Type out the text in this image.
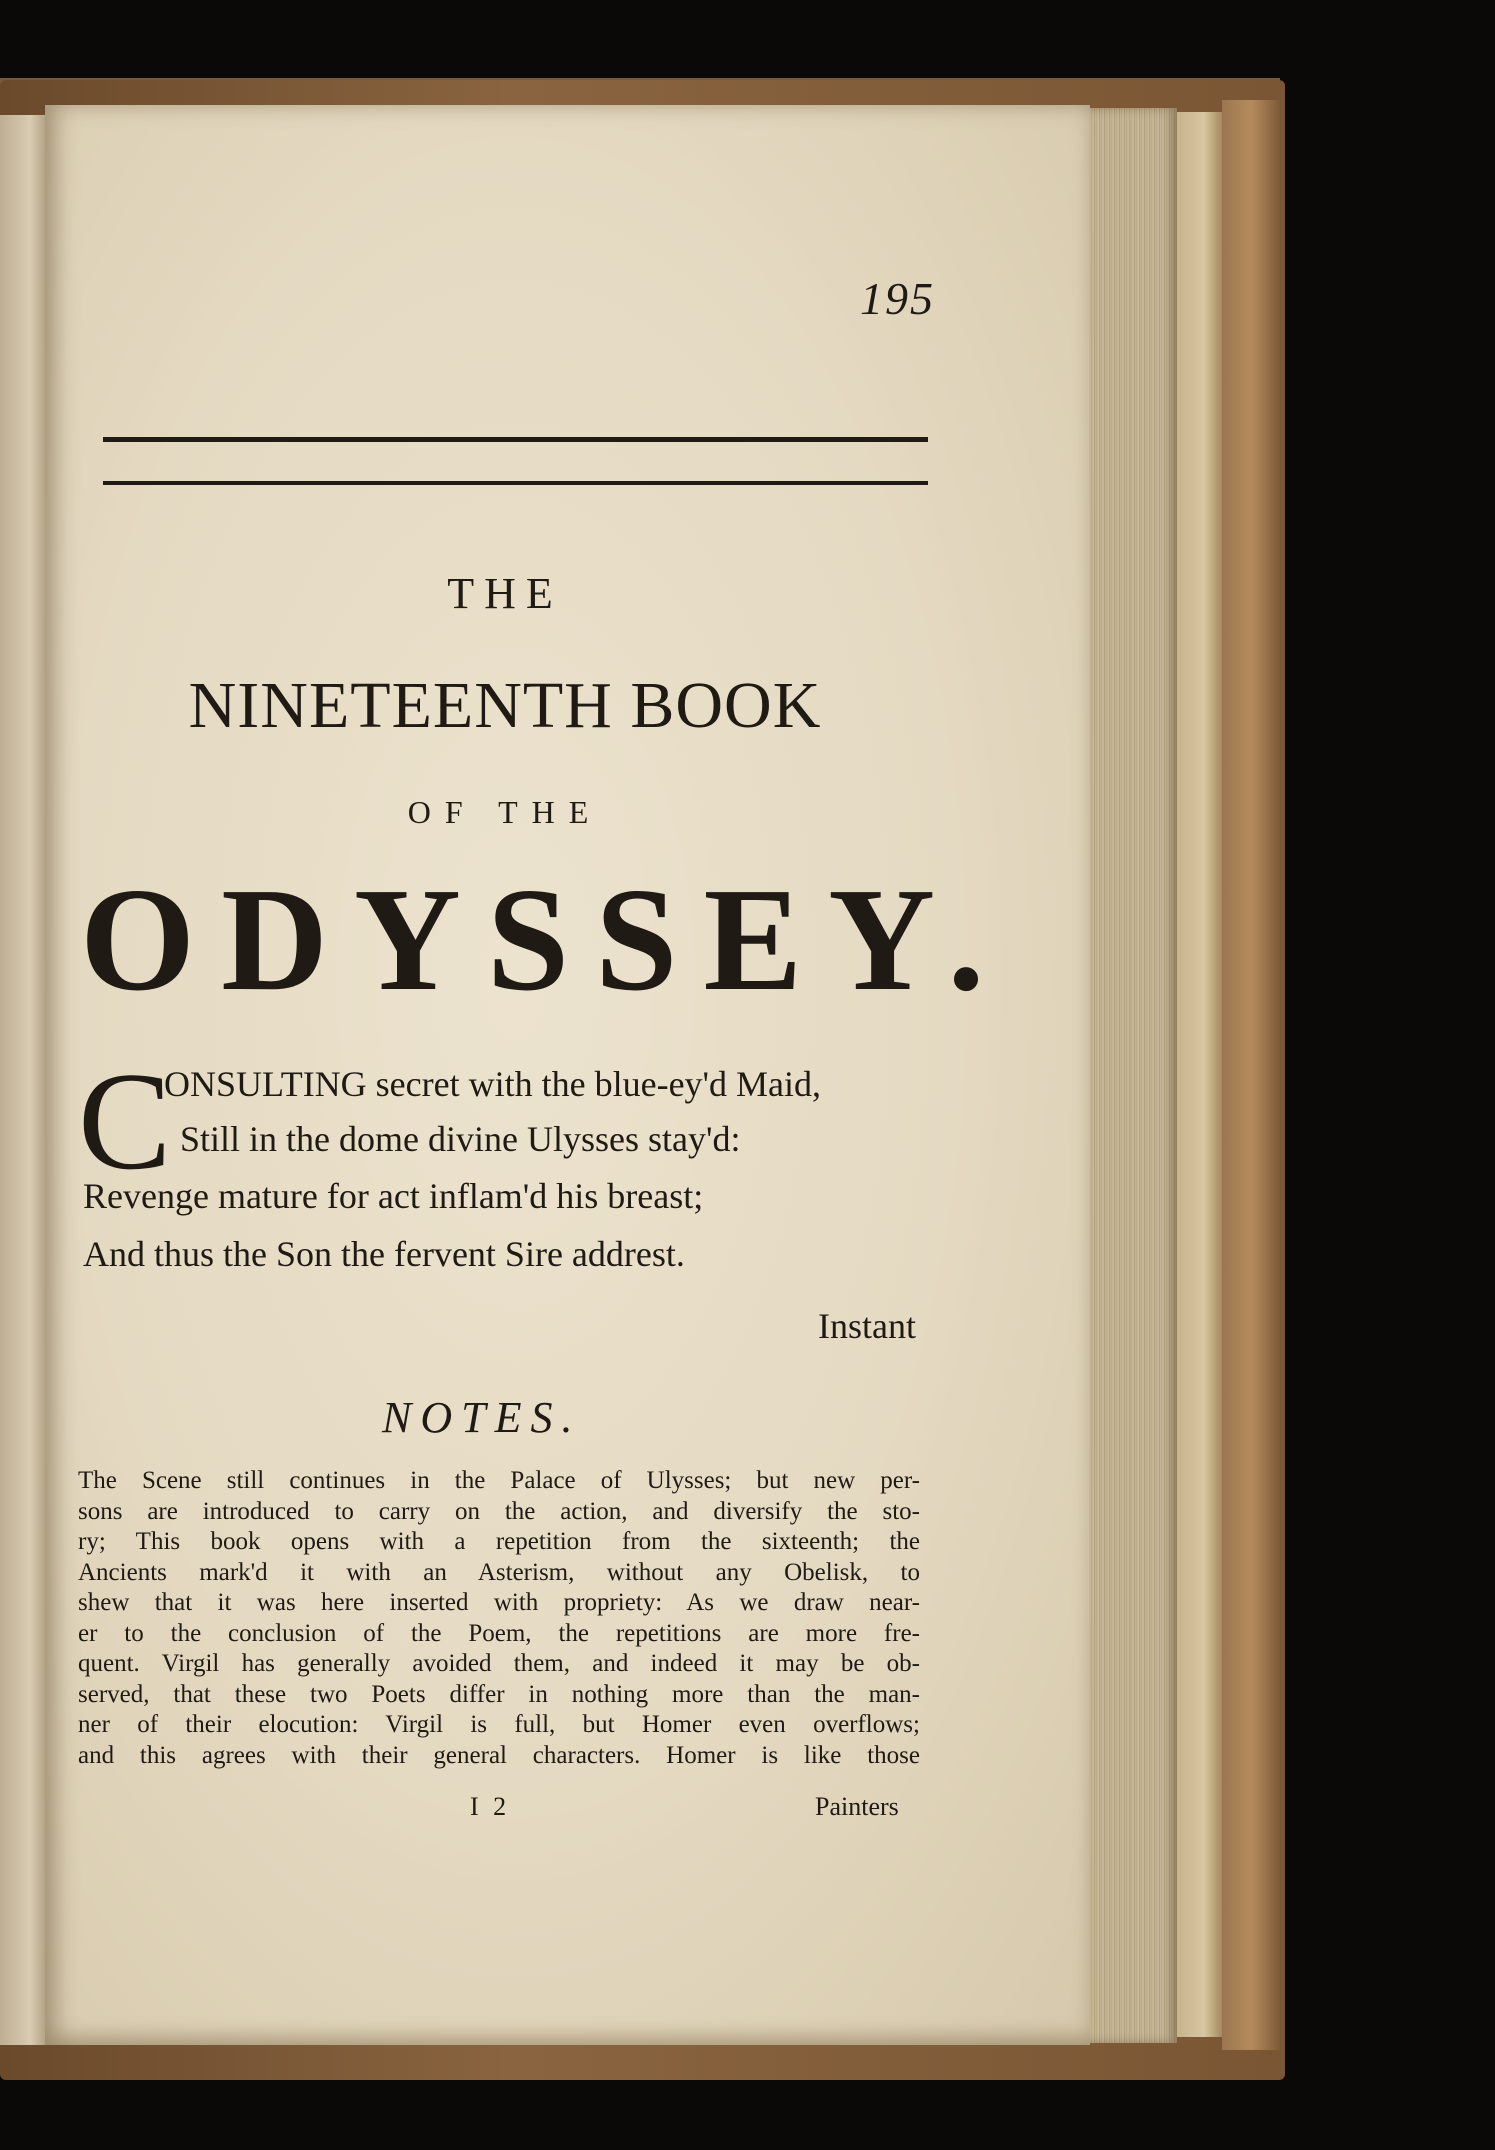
195
THE
NINETEENTH BOOK
OF THE
ODYSSEY.
C
ONSULTING secret with the blue-ey'd Maid,
Still in the dome divine Ulysses stay'd:
Revenge mature for act inflam'd his breast;
And thus the Son the fervent Sire addrest.
Instant
NOTES.
The Scene still continues in the Palace of Ulysses; but new per-
sons are introduced to carry on the action, and diversify the sto-
ry; This book opens with a repetition from the sixteenth; the
Ancients mark'd it with an Asterism, without any Obelisk, to
shew that it was here inserted with propriety: As we draw near-
er to the conclusion of the Poem, the repetitions are more fre-
quent. Virgil has generally avoided them, and indeed it may be ob-
served, that these two Poets differ in nothing more than the man-
ner of their elocution: Virgil is full, but Homer even overflows;
and this agrees with their general characters. Homer is like those
I 2	Painters
